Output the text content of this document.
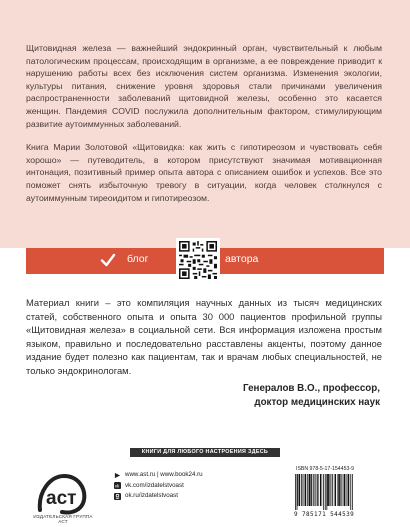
Щитовидная железа — важнейший эндокринный орган, чувствительный к любым патологическим процессам, происходящим в организме, а ее повреждение приводит к нарушению работы всех без исключения систем организма. Изменения экологии, культуры питания, снижение уровня здоровья стали причинами увеличения распространенности заболеваний щитовидной железы, особенно это касается женщин. Пандемия COVID послужила дополнительным фактором, стимулирующим развитие аутоиммунных заболеваний.

Книга Марии Золотовой «Щитовидка: как жить с гипотиреозом и чувствовать себя хорошо» — путеводитель, в котором присутствуют значимая мотивационная интонация, позитивный пример опыта автора с описанием ошибок и успехов. Все это поможет снять избыточную тревогу в ситуации, когда человек столкнулся с аутоиммунным тиреоидитом и гипотиреозом.

блог	автора
Материал книги – это компиляция научных данных из тысяч медицинских статей, собственного опыта и опыта 30 000 пациентов профильной группы «Щитовидная железа» в социальной сети. Вся информация изложена простым языком, правильно и последовательно расставлены акценты, поэтому данное издание будет полезно как пациентам, так и врачам любых специальностей, не только эндокринологам.
Генералов В.О., профессор,
доктор медицинских наук
КНИГИ ДЛЯ ЛЮБОГО НАСТРОЕНИЯ ЗДЕСЬ
аст
ИЗДАТЕЛЬСКАЯ ГРУППА АСТ
www.ast.ru | www.book24.ru
vk vk.com/izdatelstvoast
ok.ru/izdatelstvoast
ISBN 978-5-17-154453-9
9 785171 544539
